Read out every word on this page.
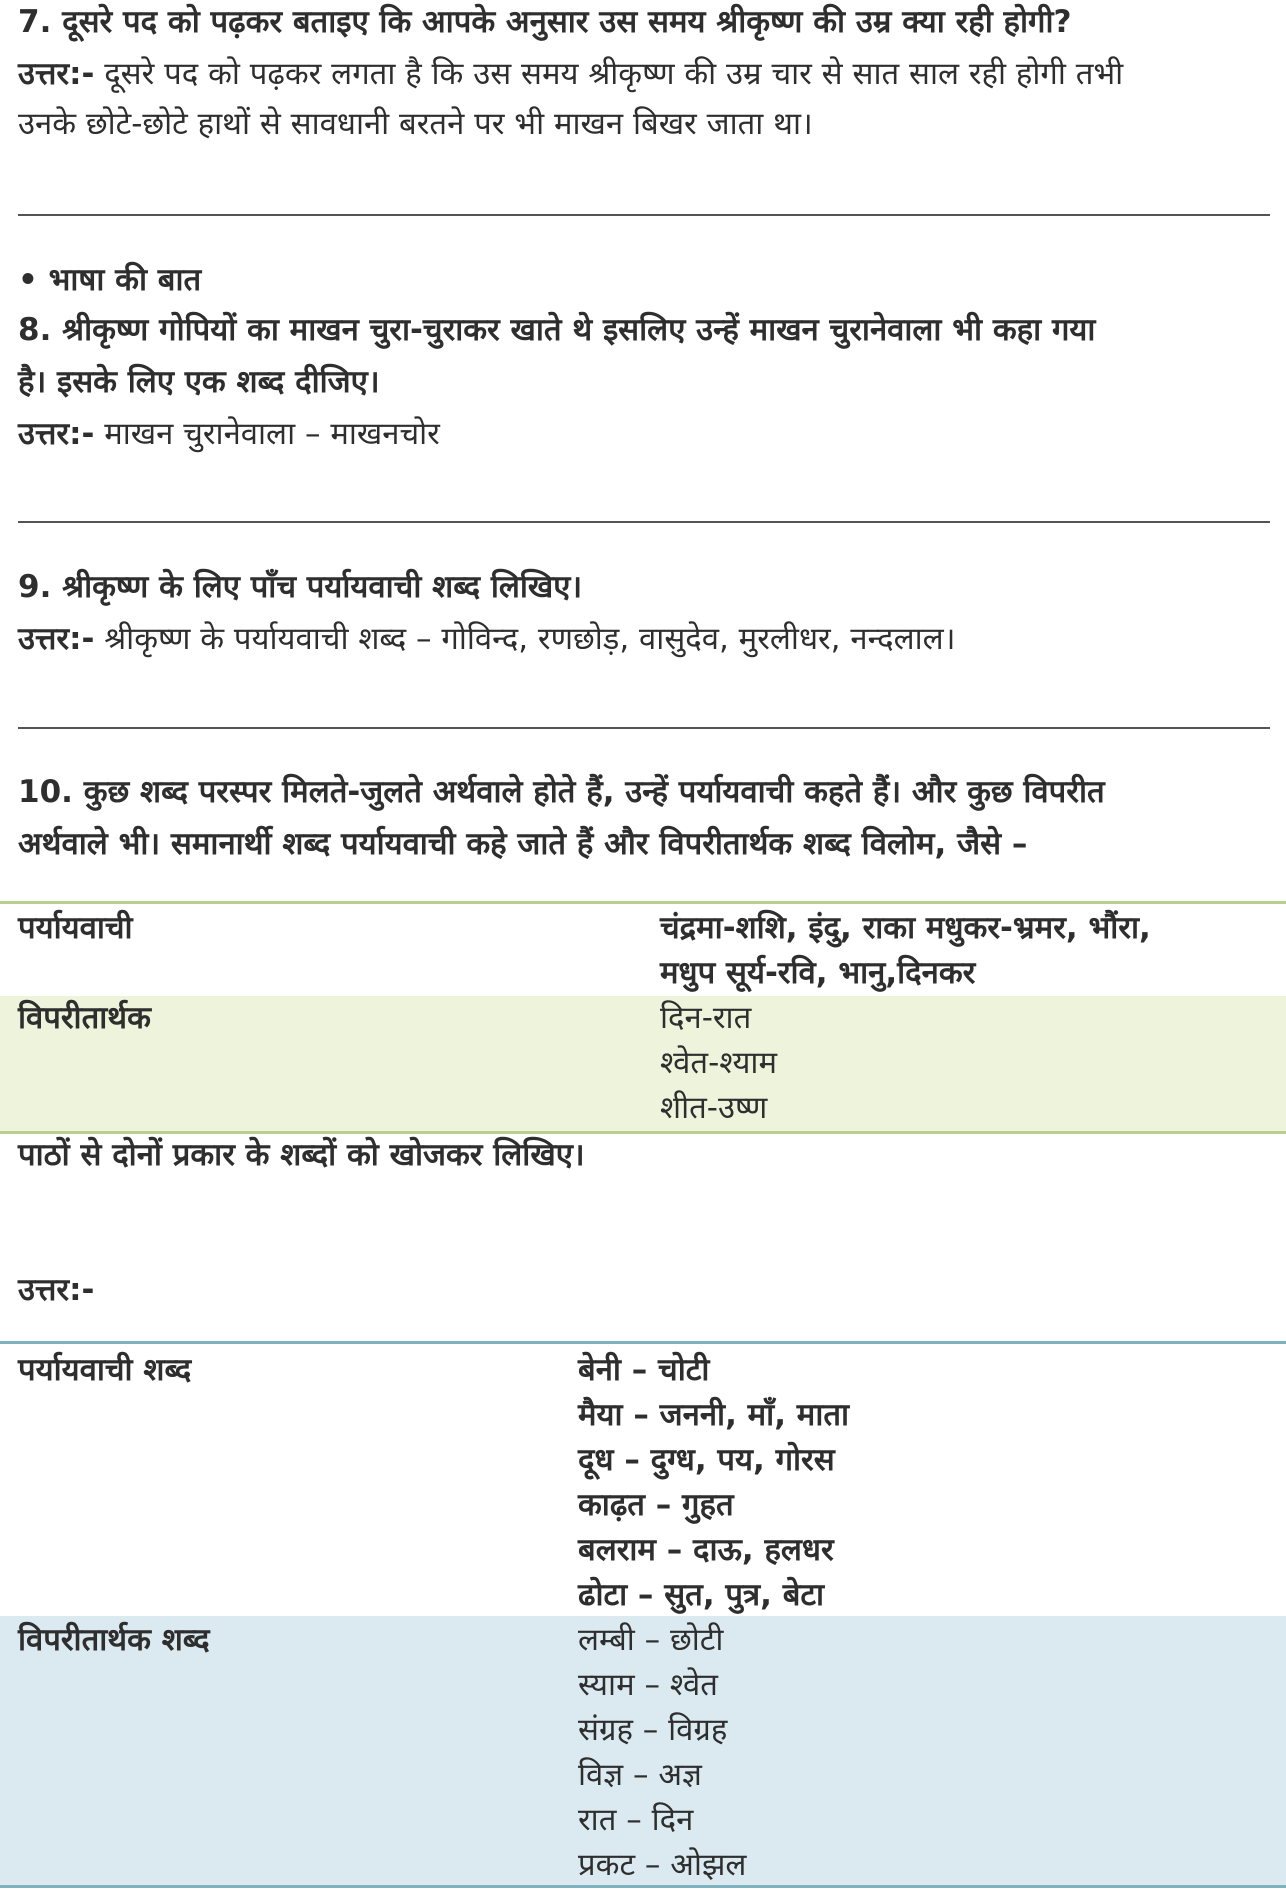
7. दूसरे पद को पढ़कर बताइए कि आपके अनुसार उस समय श्रीकृष्ण की उम्र क्या रही होगी?
उत्तर:- दूसरे पद को पढ़कर लगता है कि उस समय श्रीकृष्ण की उम्र चार से सात साल रही होगी तभी
उनके छोटे-छोटे हाथों से सावधानी बरतने पर भी माखन बिखर जाता था।
• भाषा की बात
8. श्रीकृष्ण गोपियों का माखन चुरा-चुराकर खाते थे इसलिए उन्हें माखन चुरानेवाला भी कहा गया
है। इसके लिए एक शब्द दीजिए।
उत्तर:- माखन चुरानेवाला – माखनचोर
9. श्रीकृष्ण के लिए पाँच पर्यायवाची शब्द लिखिए।
उत्तर:- श्रीकृष्ण के पर्यायवाची शब्द – गोविन्द, रणछोड़, वासुदेव, मुरलीधर, नन्दलाल।
10. कुछ शब्द परस्पर मिलते-जुलते अर्थवाले होते हैं, उन्हें पर्यायवाची कहते हैं। और कुछ विपरीत
अर्थवाले भी। समानार्थी शब्द पर्यायवाची कहे जाते हैं और विपरीतार्थक शब्द विलोम, जैसे –
पर्यायवाची	चंद्रमा-शशि, इंदु, राका मधुकर-भ्रमर, भौंरा,
मधुप सूर्य-रवि, भानु,दिनकर
विपरीतार्थक	दिन-रात
श्वेत-श्याम
शीत-उष्ण
पाठों से दोनों प्रकार के शब्दों को खोजकर लिखिए।
उत्तर:-
पर्यायवाची शब्द	बेनी – चोटी
मैया – जननी, माँ, माता
दूध – दुग्ध, पय, गोरस
काढ़त – गुहत
बलराम – दाऊ, हलधर
ढोटा – सुत, पुत्र, बेटा
विपरीतार्थक शब्द	लम्बी – छोटी
स्याम – श्वेत
संग्रह – विग्रह
विज्ञ – अज्ञ
रात – दिन
प्रकट – ओझल
